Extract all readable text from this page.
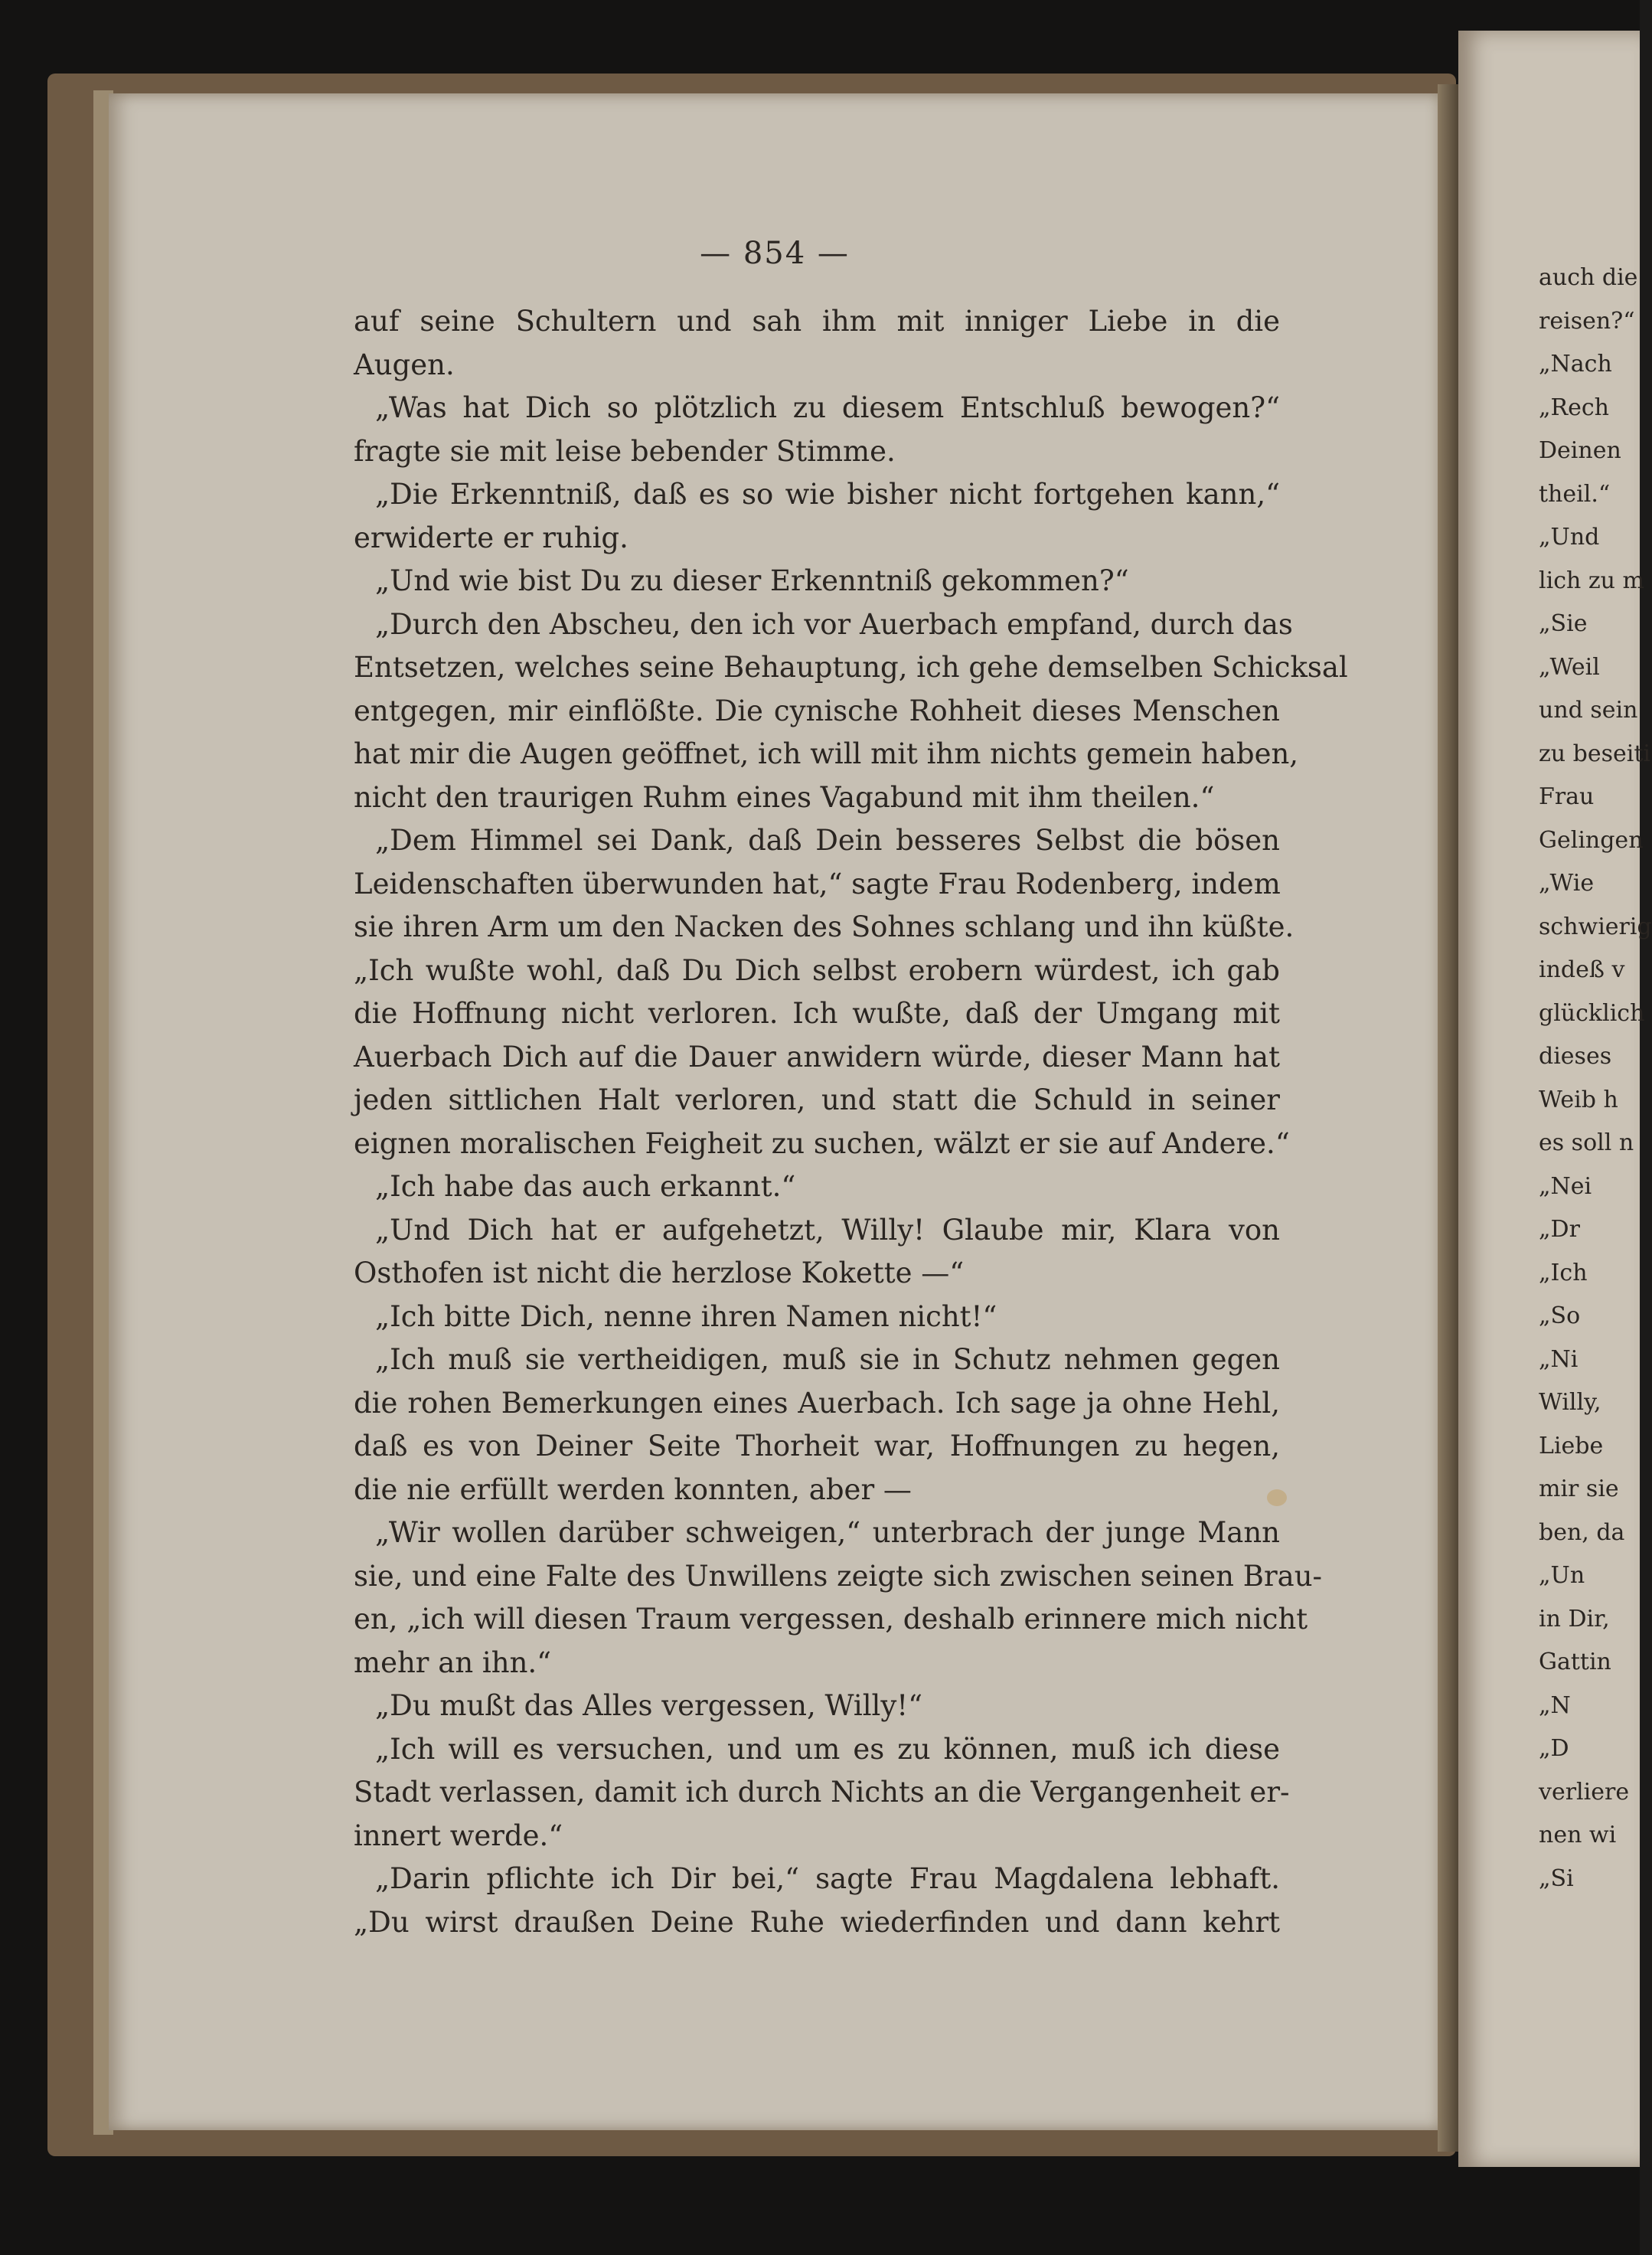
— 854 —

auf seine Schultern und sah ihm mit inniger Liebe in die
Augen.
„Was hat Dich so plötzlich zu diesem Entschluß bewogen?“
fragte sie mit leise bebender Stimme.
„Die Erkenntniß, daß es so wie bisher nicht fortgehen kann,“
erwiderte er ruhig.
„Und wie bist Du zu dieser Erkenntniß gekommen?“
„Durch den Abscheu, den ich vor Auerbach empfand, durch das
Entsetzen, welches seine Behauptung, ich gehe demselben Schicksal
entgegen, mir einflößte. Die cynische Rohheit dieses Menschen
hat mir die Augen geöffnet, ich will mit ihm nichts gemein haben,
nicht den traurigen Ruhm eines Vagabund mit ihm theilen.“
„Dem Himmel sei Dank, daß Dein besseres Selbst die bösen
Leidenschaften überwunden hat,“ sagte Frau Rodenberg, indem
sie ihren Arm um den Nacken des Sohnes schlang und ihn küßte.
„Ich wußte wohl, daß Du Dich selbst erobern würdest, ich gab
die Hoffnung nicht verloren. Ich wußte, daß der Umgang mit
Auerbach Dich auf die Dauer anwidern würde, dieser Mann hat
jeden sittlichen Halt verloren, und statt die Schuld in seiner
eignen moralischen Feigheit zu suchen, wälzt er sie auf Andere.“
„Ich habe das auch erkannt.“
„Und Dich hat er aufgehetzt, Willy! Glaube mir, Klara von
Osthofen ist nicht die herzlose Kokette —“
„Ich bitte Dich, nenne ihren Namen nicht!“
„Ich muß sie vertheidigen, muß sie in Schutz nehmen gegen
die rohen Bemerkungen eines Auerbach. Ich sage ja ohne Hehl,
daß es von Deiner Seite Thorheit war, Hoffnungen zu hegen,
die nie erfüllt werden konnten, aber —
„Wir wollen darüber schweigen,“ unterbrach der junge Mann
sie, und eine Falte des Unwillens zeigte sich zwischen seinen Brau-
en, „ich will diesen Traum vergessen, deshalb erinnere mich nicht
mehr an ihn.“
„Du mußt das Alles vergessen, Willy!“
„Ich will es versuchen, und um es zu können, muß ich diese
Stadt verlassen, damit ich durch Nichts an die Vergangenheit er-
innert werde.“
„Darin pflichte ich Dir bei,“ sagte Frau Magdalena lebhaft.
„Du wirst draußen Deine Ruhe wiederfinden und dann kehrt
auch die
reisen?“
„Nach
„Rech
Deinen
theil.“
„Und
lich zu m
„Sie
„Weil
und sein
zu beseiti
Frau
Gelingen
„Wie
schwierig
indeß v
glücklich
dieses
Weib h
es soll n
„Nei
„Dr
„Ich
„So
„Ni
Willy,
Liebe
mir sie
ben, da
„Un
in Dir,
Gattin
„N
„D
verliere
nen wi
„Si
